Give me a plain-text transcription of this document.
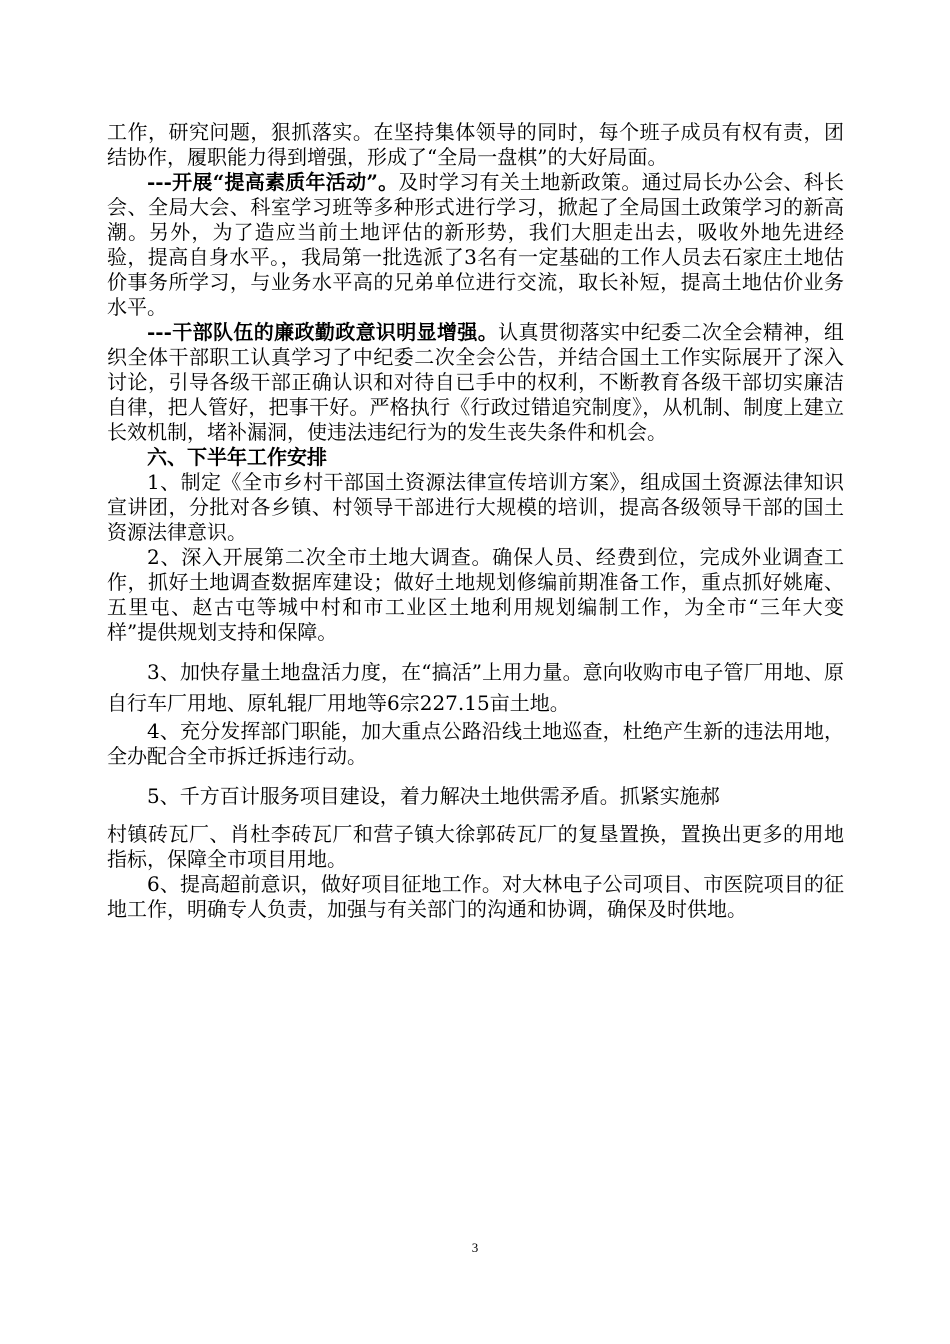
工作，研究问题，狠抓落实。在坚持集体领导的同时，每个班子成员有权有责，团结协作，履职能力得到增强，形成了“全局一盘棋”的大好局面。

---开展“提高素质年活动”。及时学习有关土地新政策。通过局长办公会、科长会、全局大会、科室学习班等多种形式进行学习，掀起了全局国土政策学习的新高潮。另外，为了造应当前土地评估的新形势，我们大胆走出去，吸收外地先进经验，提高自身水平。，我局第一批选派了3名有一定基础的工作人员去石家庄土地估价事务所学习，与业务水平高的兄弟单位进行交流，取长补短，提高土地估价业务水平。

---干部队伍的廉政勤政意识明显增强。认真贯彻落实中纪委二次全会精神，组织全体干部职工认真学习了中纪委二次全会公告，并结合国土工作实际展开了深入讨论，引导各级干部正确认识和对待自已手中的权利，不断教育各级干部切实廉洁自律，把人管好，把事干好。严格执行《行政过错追究制度》，从机制、制度上建立长效机制，堵补漏洞，使违法违纪行为的发生丧失条件和机会。

六、下半年工作安排

1、制定《全市乡村干部国土资源法律宣传培训方案》，组成国土资源法律知识宣讲团，分批对各乡镇、村领导干部进行大规模的培训，提高各级领导干部的国土资源法律意识。

2、深入开展第二次全市土地大调查。确保人员、经费到位，完成外业调查工作，抓好土地调查数据库建设；做好土地规划修编前期准备工作，重点抓好姚庵、五里屯、赵古屯等城中村和市工业区土地利用规划编制工作，为全市“三年大变样”提供规划支持和保障。

3、加快存量土地盘活力度，在“搞活”上用力量。意向收购市电子管厂用地、原自行车厂用地、原轧辊厂用地等6宗227.15亩土地。

4、充分发挥部门职能，加大重点公路沿线土地巡查，杜绝产生新的违法用地，全办配合全市拆迁拆违行动。

5、千方百计服务项目建设，着力解决土地供需矛盾。抓紧实施郝

村镇砖瓦厂、肖杜李砖瓦厂和营子镇大徐郭砖瓦厂的复垦置换，置换出更多的用地指标，保障全市项目用地。

6、提高超前意识，做好项目征地工作。对大林电子公司项目、市医院项目的征地工作，明确专人负责，加强与有关部门的沟通和协调，确保及时供地。

3
